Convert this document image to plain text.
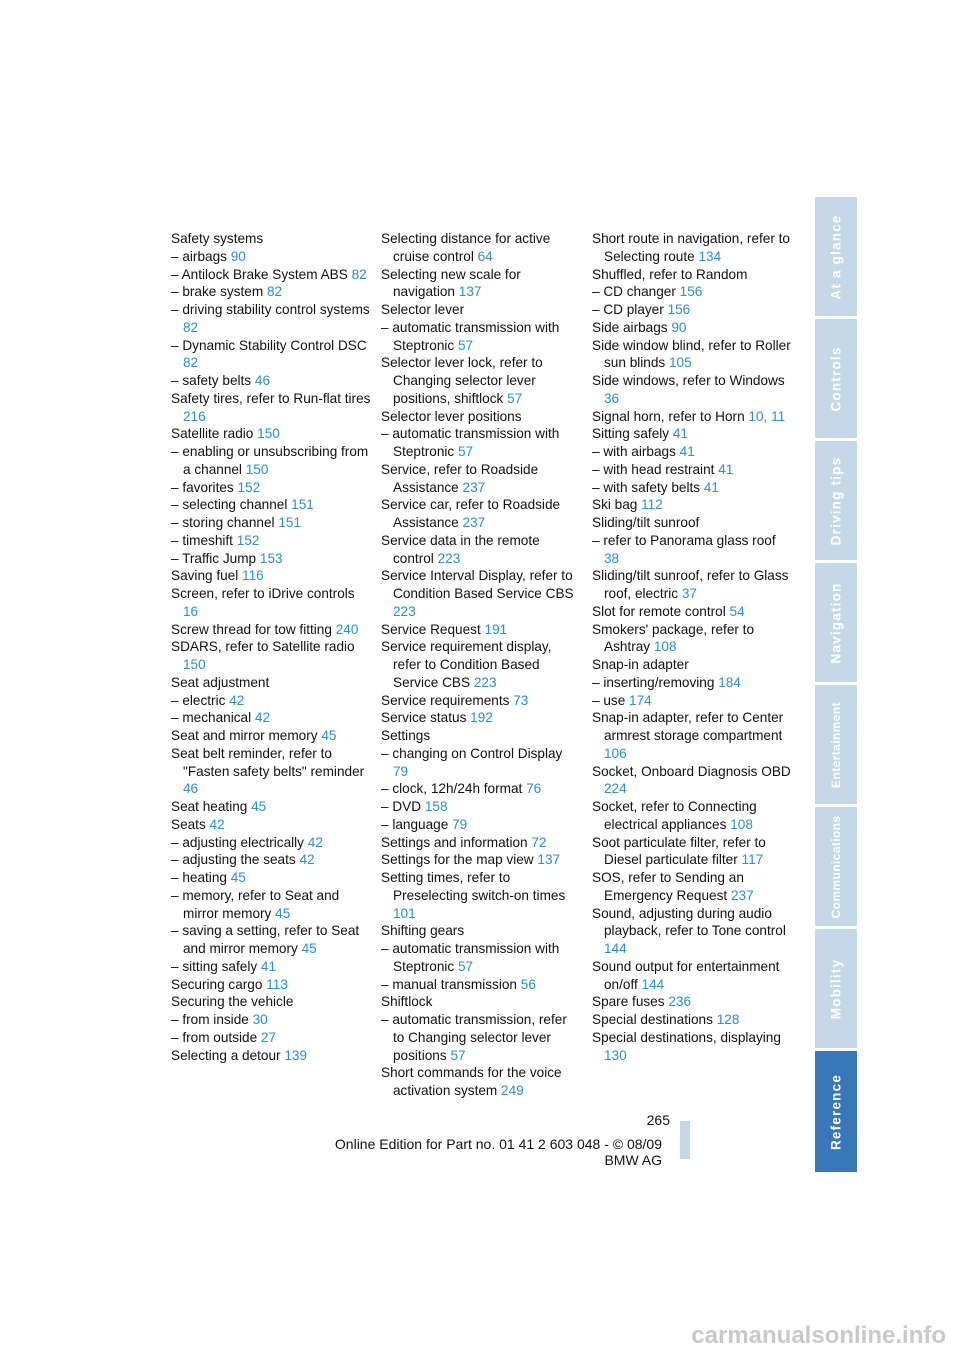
Safety systems
– airbags 90
– Antilock Brake System ABS 82
– brake system 82
– driving stability control systems 82
– Dynamic Stability Control DSC 82
– safety belts 46
Safety tires, refer to Run-flat tires 216
Satellite radio 150
– enabling or unsubscribing from a channel 150
– favorites 152
– selecting channel 151
– storing channel 151
– timeshift 152
– Traffic Jump 153
Saving fuel 116
Screen, refer to iDrive controls 16
Screw thread for tow fitting 240
SDARS, refer to Satellite radio 150
Seat adjustment
– electric 42
– mechanical 42
Seat and mirror memory 45
Seat belt reminder, refer to "Fasten safety belts" reminder 46
Seat heating 45
Seats 42
– adjusting electrically 42
– adjusting the seats 42
– heating 45
– memory, refer to Seat and mirror memory 45
– saving a setting, refer to Seat and mirror memory 45
– sitting safely 41
Securing cargo 113
Securing the vehicle
– from inside 30
– from outside 27
Selecting a detour 139
Selecting distance for active cruise control 64
Selecting new scale for navigation 137
Selector lever
– automatic transmission with Steptronic 57
Selector lever lock, refer to Changing selector lever positions, shiftlock 57
Selector lever positions
– automatic transmission with Steptronic 57
Service, refer to Roadside Assistance 237
Service car, refer to Roadside Assistance 237
Service data in the remote control 223
Service Interval Display, refer to Condition Based Service CBS 223
Service Request 191
Service requirement display, refer to Condition Based Service CBS 223
Service requirements 73
Service status 192
Settings
– changing on Control Display 79
– clock, 12h/24h format 76
– DVD 158
– language 79
Settings and information 72
Settings for the map view 137
Setting times, refer to Preselecting switch-on times 101
Shifting gears
– automatic transmission with Steptronic 57
– manual transmission 56
Shiftlock
– automatic transmission, refer to Changing selector lever positions 57
Short commands for the voice activation system 249
Short route in navigation, refer to Selecting route 134
Shuffled, refer to Random
– CD changer 156
– CD player 156
Side airbags 90
Side window blind, refer to Roller sun blinds 105
Side windows, refer to Windows 36
Signal horn, refer to Horn 10, 11
Sitting safely 41
– with airbags 41
– with head restraint 41
– with safety belts 41
Ski bag 112
Sliding/tilt sunroof
– refer to Panorama glass roof 38
Sliding/tilt sunroof, refer to Glass roof, electric 37
Slot for remote control 54
Smokers' package, refer to Ashtray 108
Snap-in adapter
– inserting/removing 184
– use 174
Snap-in adapter, refer to Center armrest storage compartment 106
Socket, Onboard Diagnosis OBD 224
Socket, refer to Connecting electrical appliances 108
Soot particulate filter, refer to Diesel particulate filter 117
SOS, refer to Sending an Emergency Request 237
Sound, adjusting during audio playback, refer to Tone control 144
Sound output for entertainment on/off 144
Spare fuses 236
Special destinations 128
Special destinations, displaying 130
At a glance
Controls
Driving tips
Navigation
Entertainment
Communications
Mobility
Reference
265
Online Edition for Part no. 01 41 2 603 048 - © 08/09 BMW AG
carmanualsonline.info
